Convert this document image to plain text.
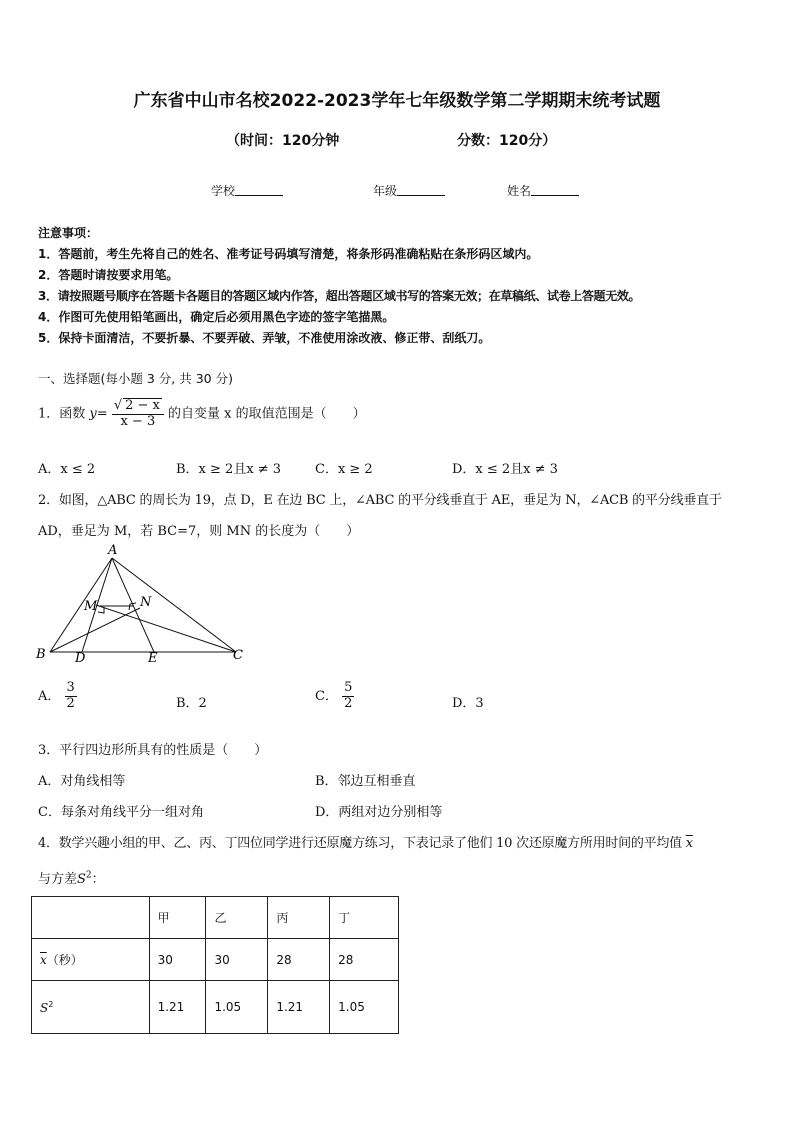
广东省中山市名校2022-2023学年七年级数学第二学期期末统考试题
（时间：120分钟	分数：120分）
学校	年级	姓名
注意事项：
1．答题前，考生先将自己的姓名、准考证号码填写清楚，将条形码准确粘贴在条形码区域内。
2．答题时请按要求用笔。
3．请按照题号顺序在答题卡各题目的答题区域内作答，超出答题区域书写的答案无效；在草稿纸、试卷上答题无效。
4．作图可先使用铅笔画出，确定后必须用黑色字迹的签字笔描黑。
5．保持卡面清洁，不要折暴、不要弄破、弄皱，不准使用涂改液、修正带、刮纸刀。
一、选择题(每小题 3 分, 共 30 分)
1．函数 $y= \frac{√ 2 - x}{x - 3}$ 的自变量 x 的取值范围是（　　）
A．x ≤ 2	B．x ≥ 2且x ≠ 3	C．x ≥ 2	D．x ≤ 2且x ≠ 3
2．如图，△ABC 的周长为 19，点 D，E 在边 BC 上，∠ABC 的平分线垂直于 AE，垂足为 N，∠ACB 的平分线垂直于
AD，垂足为 M，若 BC=7，则 MN 的长度为（　　）
A
M	N
B D	E	C
A． $\frac{3}{2}$	B．2	C． $\frac{5}{2}$	D．3
3．平行四边形所具有的性质是（　　）
A．对角线相等	B．邻边互相垂直
C．每条对角线平分一组对角	D．两组对边分别相等
4．数学兴趣小组的甲、乙、丙、丁四位同学进行还原魔方练习，下表记录了他们 10 次还原魔方所用时间的平均值 $\overline{x}$
与方差$S^2$：
	甲	乙	丙	丁
$\overline{x}$（秒）	30	30	28	28
$S^2$	1.21	1.05	1.21	1.05
